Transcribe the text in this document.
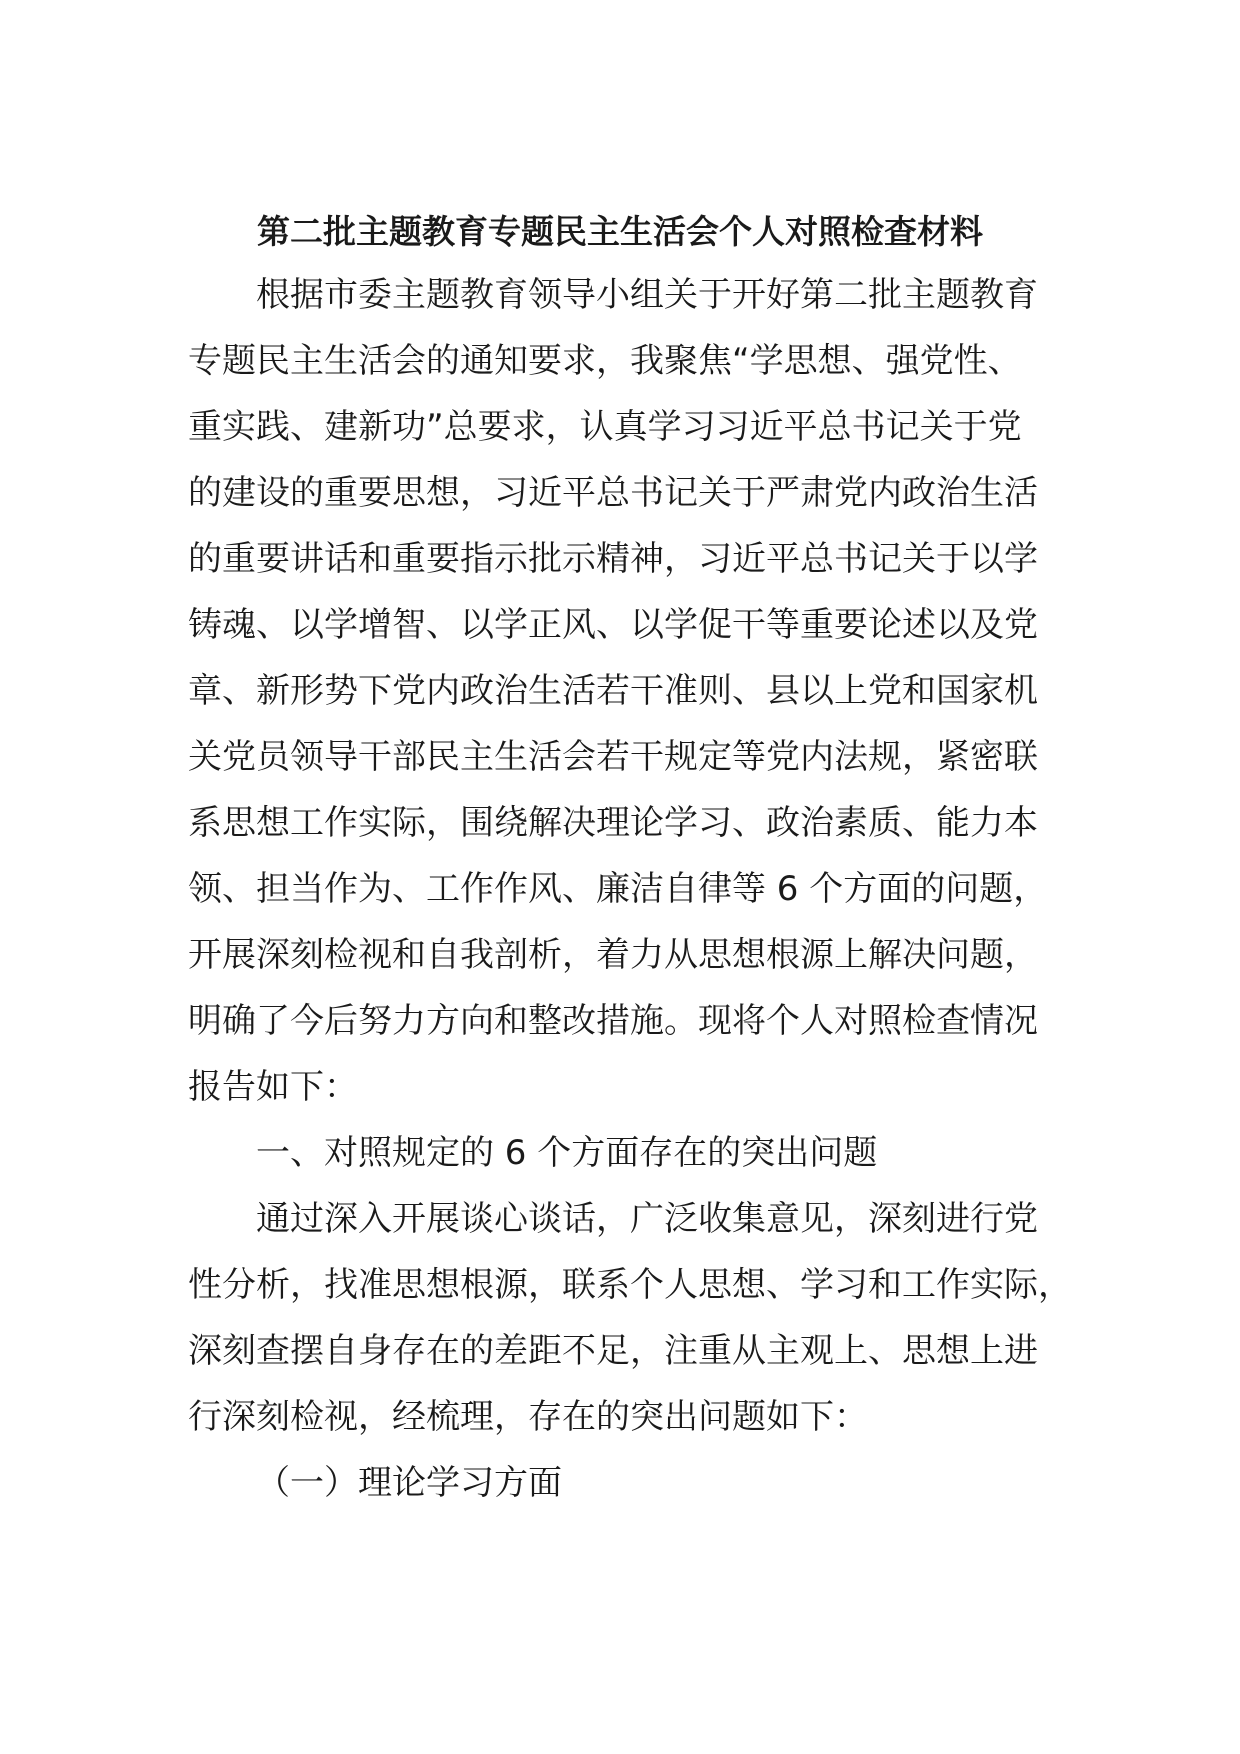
第二批主题教育专题民主生活会个人对照检查材料
根据市委主题教育领导小组关于开好第二批主题教育
专题民主生活会的通知要求，我聚焦“学思想、强党性、
重实践、建新功”总要求，认真学习习近平总书记关于党
的建设的重要思想，习近平总书记关于严肃党内政治生活
的重要讲话和重要指示批示精神，习近平总书记关于以学
铸魂、以学增智、以学正风、以学促干等重要论述以及党
章、新形势下党内政治生活若干准则、县以上党和国家机
关党员领导干部民主生活会若干规定等党内法规，紧密联
系思想工作实际，围绕解决理论学习、政治素质、能力本
领、担当作为、工作作风、廉洁自律等 6 个方面的问题，
开展深刻检视和自我剖析，着力从思想根源上解决问题，
明确了今后努力方向和整改措施。现将个人对照检查情况
报告如下：
一、对照规定的 6 个方面存在的突出问题
通过深入开展谈心谈话，广泛收集意见，深刻进行党
性分析，找准思想根源，联系个人思想、学习和工作实际，
深刻查摆自身存在的差距不足，注重从主观上、思想上进
行深刻检视，经梳理，存在的突出问题如下：
（一）理论学习方面
